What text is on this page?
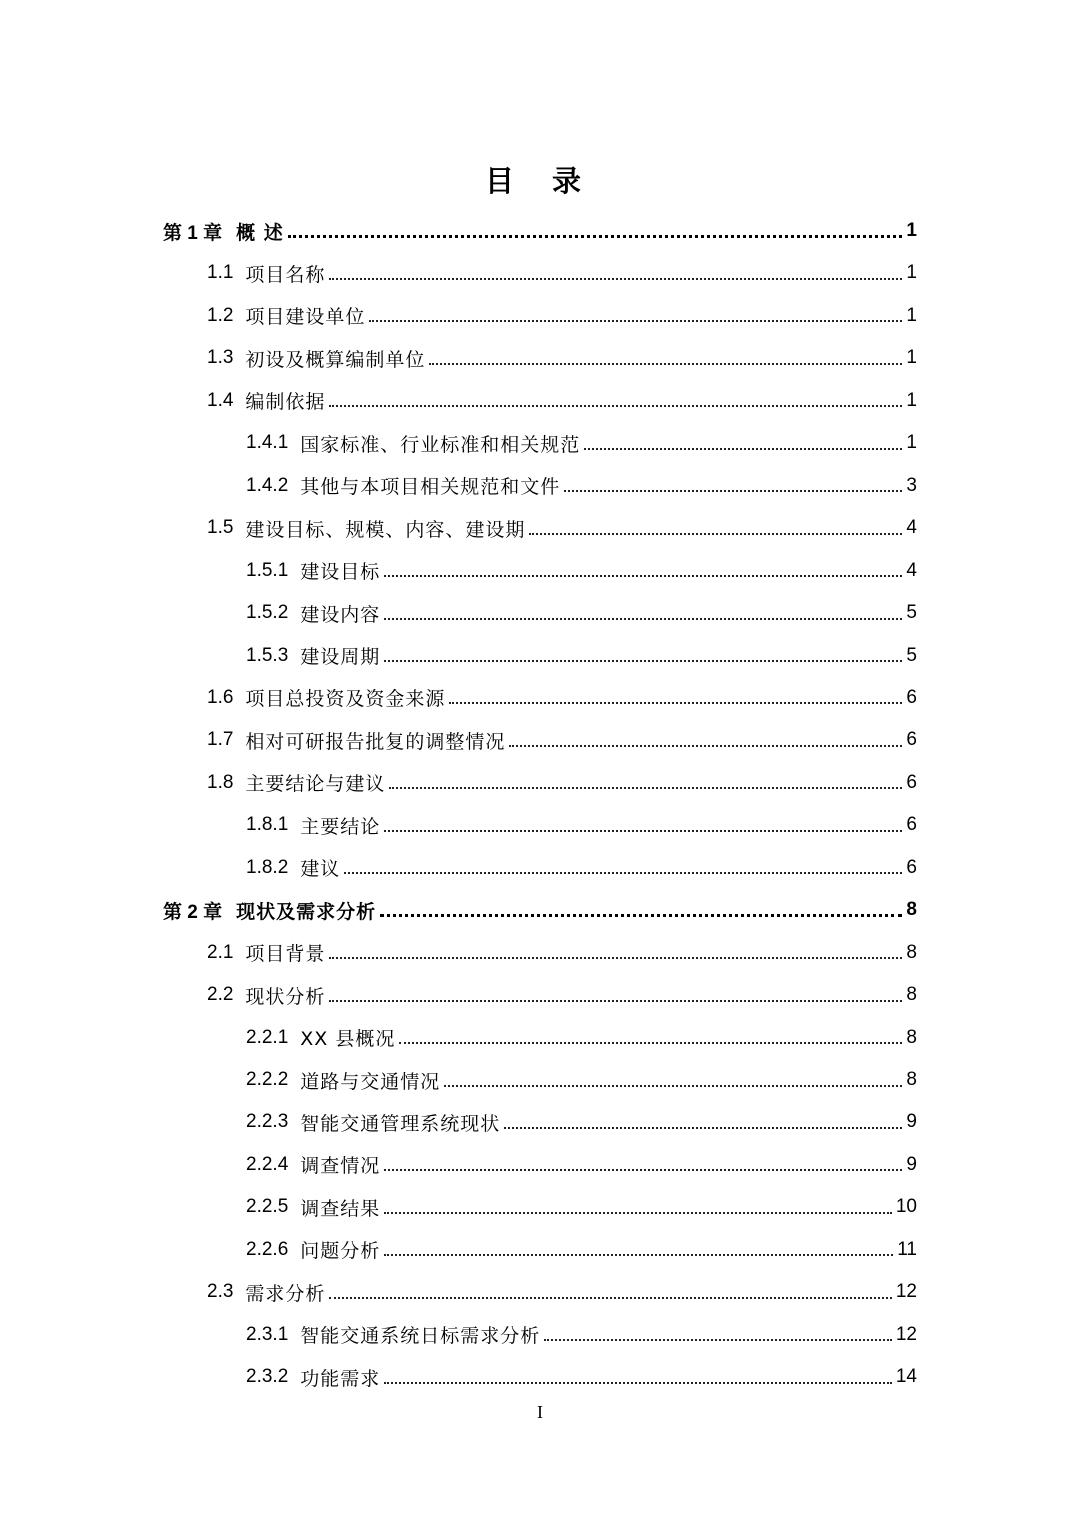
目 录
第 1 章 概 述	1
1.1 项目名称	1
1.2 项目建设单位	1
1.3 初设及概算编制单位	1
1.4 编制依据	1
1.4.1 国家标准、行业标准和相关规范	1
1.4.2 其他与本项目相关规范和文件	3
1.5 建设目标、规模、内容、建设期	4
1.5.1 建设目标	4
1.5.2 建设内容	5
1.5.3 建设周期	5
1.6 项目总投资及资金来源	6
1.7 相对可研报告批复的调整情况	6
1.8 主要结论与建议	6
1.8.1 主要结论	6
1.8.2 建议	6
第 2 章 现状及需求分析	8
2.1 项目背景	8
2.2 现状分析	8
2.2.1 XX 县概况	8
2.2.2 道路与交通情况	8
2.2.3 智能交通管理系统现状	9
2.2.4 调查情况	9
2.2.5 调查结果	10
2.2.6 问题分析	11
2.3 需求分析	12
2.3.1 智能交通系统日标需求分析	12
2.3.2 功能需求	14
I
